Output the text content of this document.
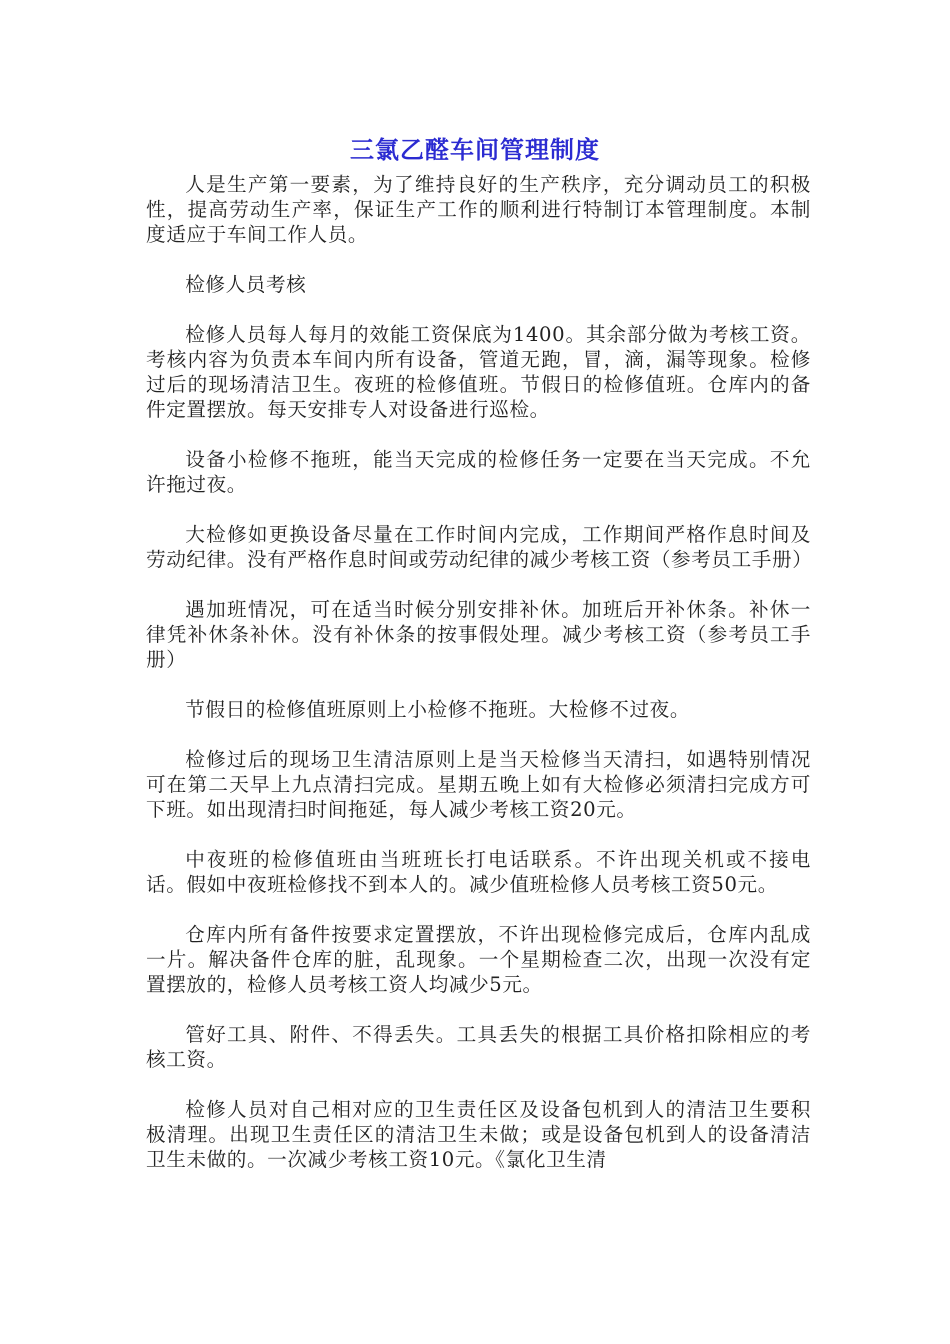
三氯乙醛车间管理制度

人是生产第一要素，为了维持良好的生产秩序，充分调动员工的积极性，提高劳动生产率，保证生产工作的顺利进行特制订本管理制度。本制度适应于车间工作人员。

检修人员考核

检修人员每人每月的效能工资保底为1400。其余部分做为考核工资。考核内容为负责本车间内所有设备，管道无跑，冒，滴，漏等现象。检修过后的现场清洁卫生。夜班的检修值班。节假日的检修值班。仓库内的备件定置摆放。每天安排专人对设备进行巡检。

设备小检修不拖班，能当天完成的检修任务一定要在当天完成。不允许拖过夜。

大检修如更换设备尽量在工作时间内完成，工作期间严格作息时间及劳动纪律。没有严格作息时间或劳动纪律的减少考核工资（参考员工手册）

遇加班情况，可在适当时候分别安排补休。加班后开补休条。补休一律凭补休条补休。没有补休条的按事假处理。减少考核工资（参考员工手册）

节假日的检修值班原则上小检修不拖班。大检修不过夜。

检修过后的现场卫生清洁原则上是当天检修当天清扫，如遇特别情况可在第二天早上九点清扫完成。星期五晚上如有大检修必须清扫完成方可下班。如出现清扫时间拖延，每人减少考核工资20元。

中夜班的检修值班由当班班长打电话联系。不许出现关机或不接电话。假如中夜班检修找不到本人的。减少值班检修人员考核工资50元。

仓库内所有备件按要求定置摆放，不许出现检修完成后，仓库内乱成一片。解决备件仓库的脏，乱现象。一个星期检查二次，出现一次没有定置摆放的，检修人员考核工资人均减少5元。

管好工具、附件、不得丢失。工具丢失的根据工具价格扣除相应的考核工资。

检修人员对自己相对应的卫生责任区及设备包机到人的清洁卫生要积极清理。出现卫生责任区的清洁卫生未做；或是设备包机到人的设备清洁卫生未做的。一次减少考核工资10元。《氯化卫生清
